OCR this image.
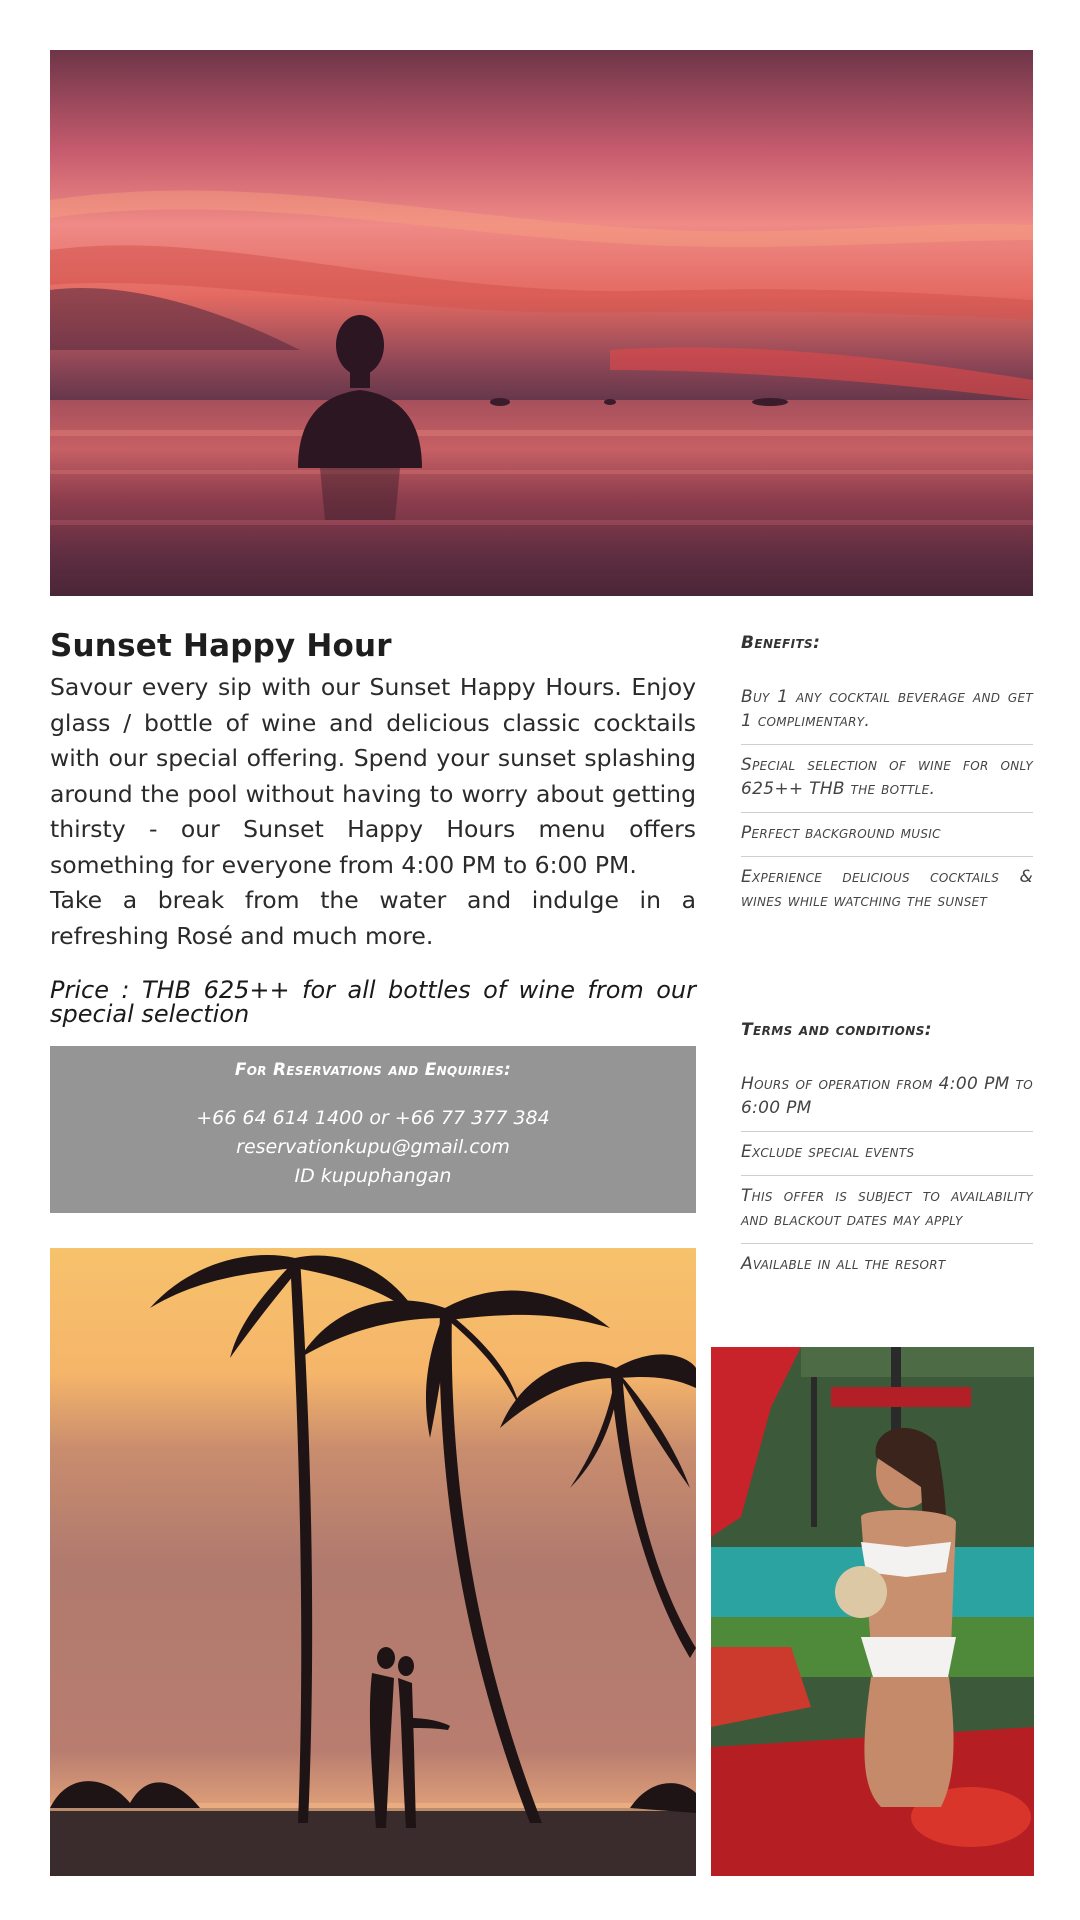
Sunset Happy Hour

Savour every sip with our Sunset Happy Hours. Enjoy glass / bottle of wine and delicious classic cocktails with our special offering. Spend your sunset splashing around the pool without having to worry about getting thirsty - our Sunset Happy Hours menu offers something for everyone from 4:00 PM to 6:00 PM.

Take a break from the water and indulge in a refreshing Rosé and much more.

Price : THB 625++ for all bottles of wine from our special selection
For Reservations and Enquiries:
+66 64 614 1400 or +66 77 377 384
reservationkupu@gmail.com
ID kupuphangan
Benefits:
Buy 1 any cocktail beverage and get 1 complimentary.
Special selection of wine for only 625++ THB the bottle.
Perfect background music
Experience delicious cocktails & wines while watching the sunset
Terms and conditions:
Hours of operation from 4:00 PM to 6:00 PM
Exclude special events
This offer is subject to availability and blackout dates may apply
Available in all the resort
